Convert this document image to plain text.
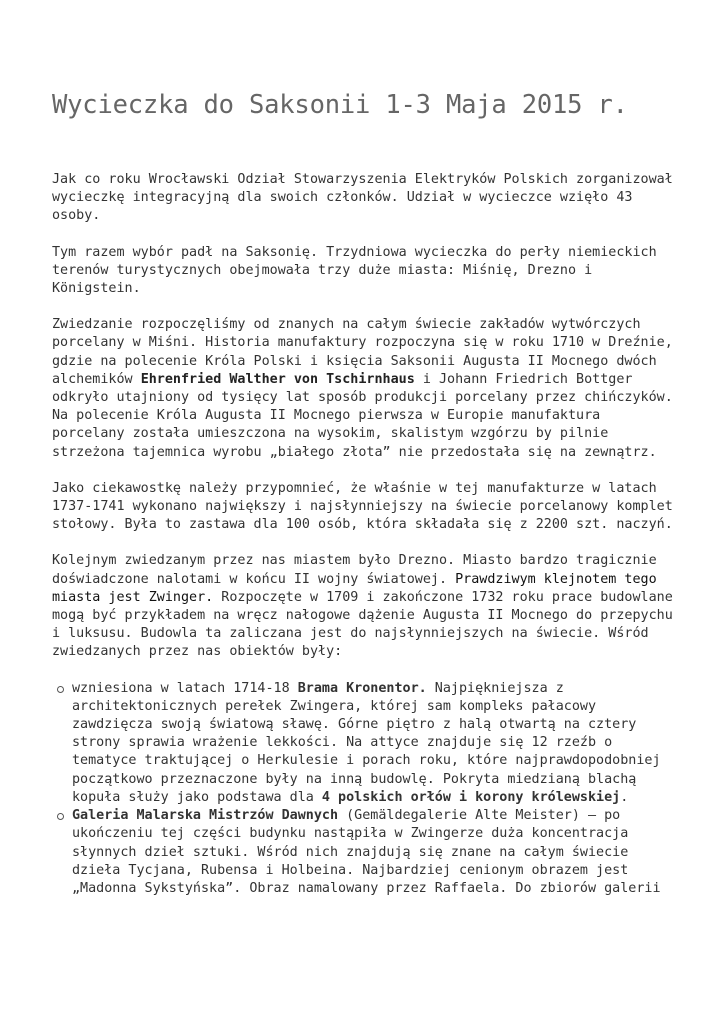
Wycieczka do Saksonii 1-3 Maja 2015 r.

Jak co roku Wrocławski Odział Stowarzyszenia Elektryków Polskich zorganizował wycieczkę integracyjną dla swoich członków. Udział w wycieczce wzięło 43 osoby.

Tym razem wybór padł na Saksonię. Trzydniowa wycieczka do perły niemieckich terenów turystycznych obejmowała trzy duże miasta: Miśnię, Drezno i Königstein.

Zwiedzanie rozpoczęliśmy od znanych na całym świecie zakładów wytwórczych porcelany w Miśni. Historia manufaktury rozpoczyna się w roku 1710 w Dreźnie, gdzie na polecenie Króla Polski i księcia Saksonii Augusta II Mocnego dwóch alchemików Ehrenfried Walther von Tschirnhaus i Johann Friedrich Bottger odkryło utajniony od tysięcy lat sposób produkcji porcelany przez chińczyków. Na polecenie Króla Augusta II Mocnego pierwsza w Europie manufaktura porcelany została umieszczona na wysokim, skalistym wzgórzu by pilnie strzeżona tajemnica wyrobu „białego złota” nie przedostała się na zewnątrz.

Jako ciekawostkę należy przypomnieć, że właśnie w tej manufakturze w latach 1737-1741 wykonano największy i najsłynniejszy na świecie porcelanowy komplet stołowy. Była to zastawa dla 100 osób, która składała się z 2200 szt. naczyń.

Kolejnym zwiedzanym przez nas miastem było Drezno. Miasto bardzo tragicznie doświadczone nalotami w końcu II wojny światowej. Prawdziwym klejnotem tego miasta jest Zwinger. Rozpoczęte w 1709 i zakończone 1732 roku prace budowlane mogą być przykładem na wręcz nałogowe dążenie Augusta II Mocnego do przepychu i luksusu. Budowla ta zaliczana jest do najsłynniejszych na świecie. Wśród zwiedzanych przez nas obiektów były:

wzniesiona w latach 1714-18 Brama Kronentor. Najpiękniejsza z architektonicznych perełek Zwingera, której sam kompleks pałacowy zawdzięcza swoją światową sławę. Górne piętro z halą otwartą na cztery strony sprawia wrażenie lekkości. Na attyce znajduje się 12 rzeźb o tematyce traktującej o Herkulesie i porach roku, które najprawdopodobniej początkowo przeznaczone były na inną budowlę. Pokryta miedzianą blachą kopuła służy jako podstawa dla 4 polskich orłów i korony królewskiej.
Galeria Malarska Mistrzów Dawnych (Gemäldegalerie Alte Meister) – po ukończeniu tej części budynku nastąpiła w Zwingerze duża koncentracja słynnych dzieł sztuki. Wśród nich znajdują się znane na całym świecie dzieła Tycjana, Rubensa i Holbeina. Najbardziej cenionym obrazem jest „Madonna Sykstyńska”. Obraz namalowany przez Raffaela. Do zbiorów galerii
